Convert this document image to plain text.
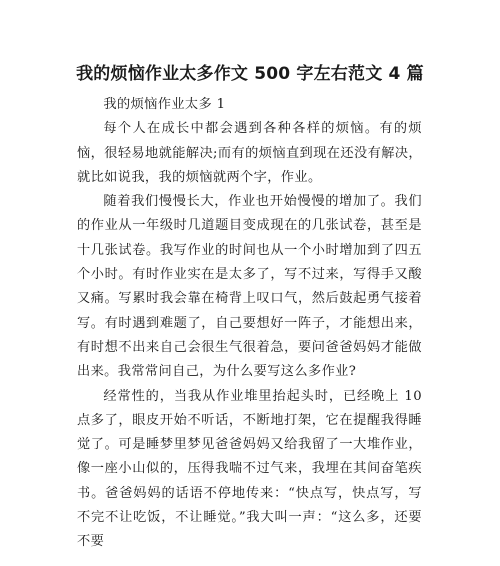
我的烦恼作业太多作文 500 字左右范文 4 篇

我的烦恼作业太多 1

每个人在成长中都会遇到各种各样的烦恼。有的烦恼，很轻易地就能解决;而有的烦恼直到现在还没有解决，就比如说我，我的烦恼就两个字，作业。

随着我们慢慢长大，作业也开始慢慢的增加了。我们的作业从一年级时几道题目变成现在的几张试卷，甚至是十几张试卷。我写作业的时间也从一个小时增加到了四五个小时。有时作业实在是太多了，写不过来，写得手又酸又痛。写累时我会靠在椅背上叹口气，然后鼓起勇气接着写。有时遇到难题了，自己要想好一阵子，才能想出来，有时想不出来自己会很生气很着急，要问爸爸妈妈才能做出来。我常常问自己，为什么要写这么多作业?

经常性的，当我从作业堆里抬起头时，已经晚上 10 点多了，眼皮开始不听话，不断地打架，它在提醒我得睡觉了。可是睡梦里梦见爸爸妈妈又给我留了一大堆作业，像一座小山似的，压得我喘不过气来，我埋在其间奋笔疾书。爸爸妈妈的话语不停地传来：“快点写，快点写，写不完不让吃饭，不让睡觉。”我大叫一声：“这么多，还要不要
